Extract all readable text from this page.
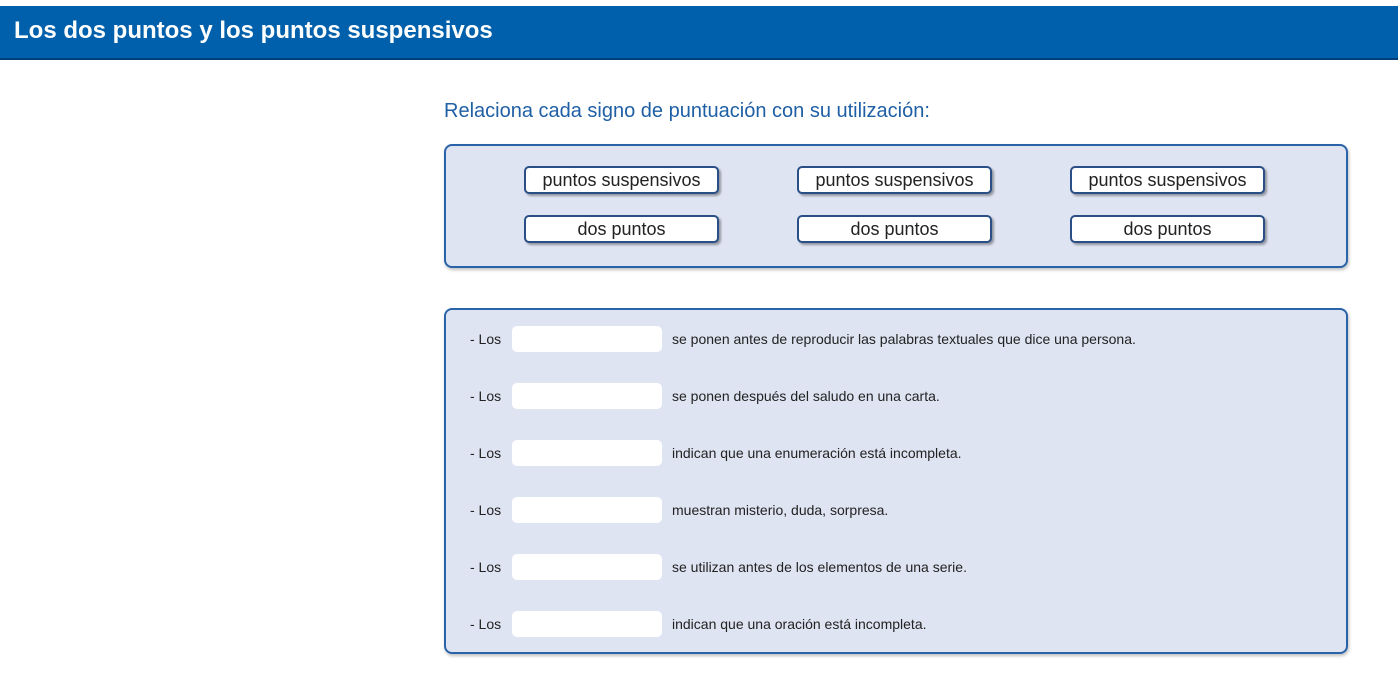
Los dos puntos y los puntos suspensivos
Relaciona cada signo de puntuación con su utilización:
puntos suspensivos	puntos suspensivos	puntos suspensivos
dos puntos	dos puntos	dos puntos
- Los	se ponen antes de reproducir las palabras textuales que dice una persona.
- Los	se ponen después del saludo en una carta.
- Los	indican que una enumeración está incompleta.
- Los	muestran misterio, duda, sorpresa.
- Los	se utilizan antes de los elementos de una serie.
- Los	indican que una oración está incompleta.
